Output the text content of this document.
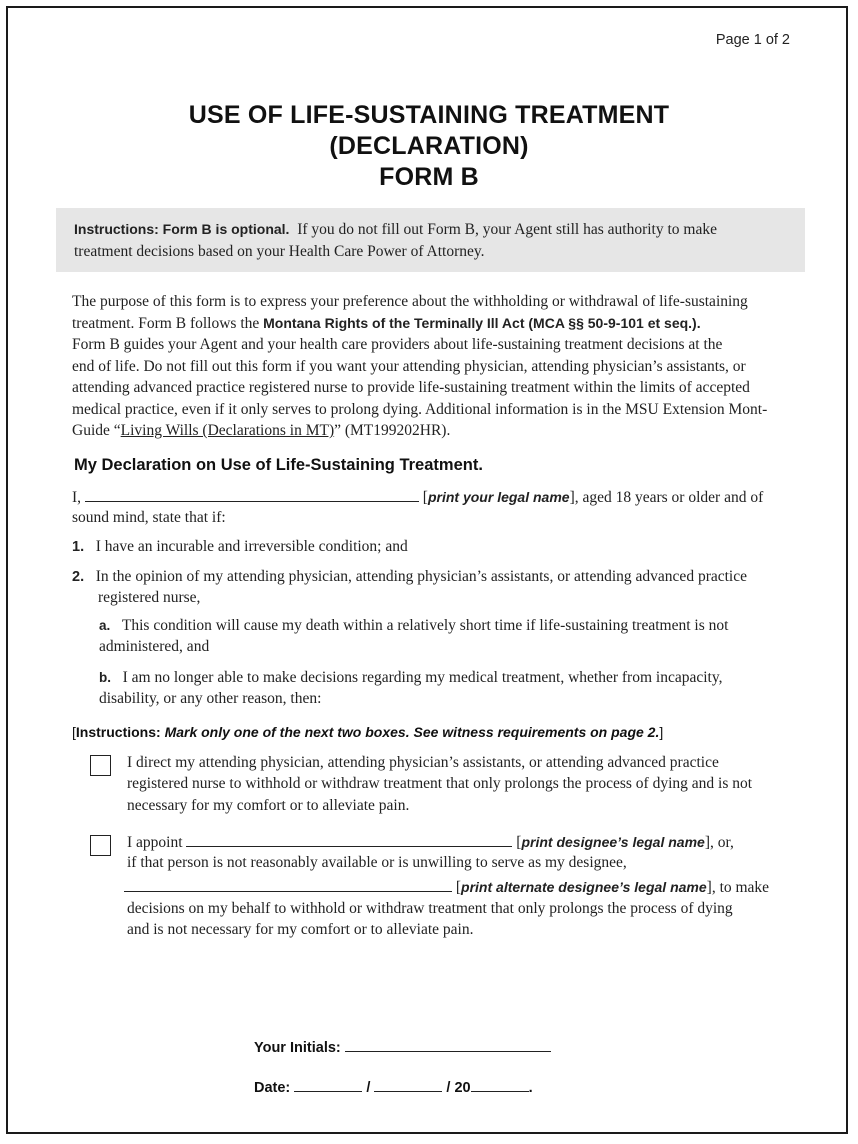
Page 1 of 2
USE OF LIFE-SUSTAINING TREATMENT
(DECLARATION)
FORM B
Instructions: Form B is optional. If you do not fill out Form B, your Agent still has authority to make
treatment decisions based on your Health Care Power of Attorney.
The purpose of this form is to express your preference about the withholding or withdrawal of life-sustaining
treatment. Form B follows the Montana Rights of the Terminally Ill Act (MCA §§ 50-9-101 et seq.).
Form B guides your Agent and your health care providers about life-sustaining treatment decisions at the
end of life. Do not fill out this form if you want your attending physician, attending physician’s assistants, or
attending advanced practice registered nurse to provide life-sustaining treatment within the limits of accepted
medical practice, even if it only serves to prolong dying. Additional information is in the MSU Extension Mont-
Guide “Living Wills (Declarations in MT)” (MT199202HR).
My Declaration on Use of Life-Sustaining Treatment.
I,	[print your legal name], aged 18 years or older and of
sound mind, state that if:
1. I have an incurable and irreversible condition; and
2. In the opinion of my attending physician, attending physician’s assistants, or attending advanced practice
registered nurse,
a. This condition will cause my death within a relatively short time if life-sustaining treatment is not
administered, and
b. I am no longer able to make decisions regarding my medical treatment, whether from incapacity,
disability, or any other reason, then:
[Instructions: Mark only one of the next two boxes. See witness requirements on page 2.]
I direct my attending physician, attending physician’s assistants, or attending advanced practice
registered nurse to withhold or withdraw treatment that only prolongs the process of dying and is not
necessary for my comfort or to alleviate pain.
I appoint	[print designee’s legal name], or,
if that person is not reasonably available or is unwilling to serve as my designee,
[print alternate designee’s legal name], to make
decisions on my behalf to withhold or withdraw treatment that only prolongs the process of dying
and is not necessary for my comfort or to alleviate pain.
Your Initials:
Date:	/	/ 20	.
